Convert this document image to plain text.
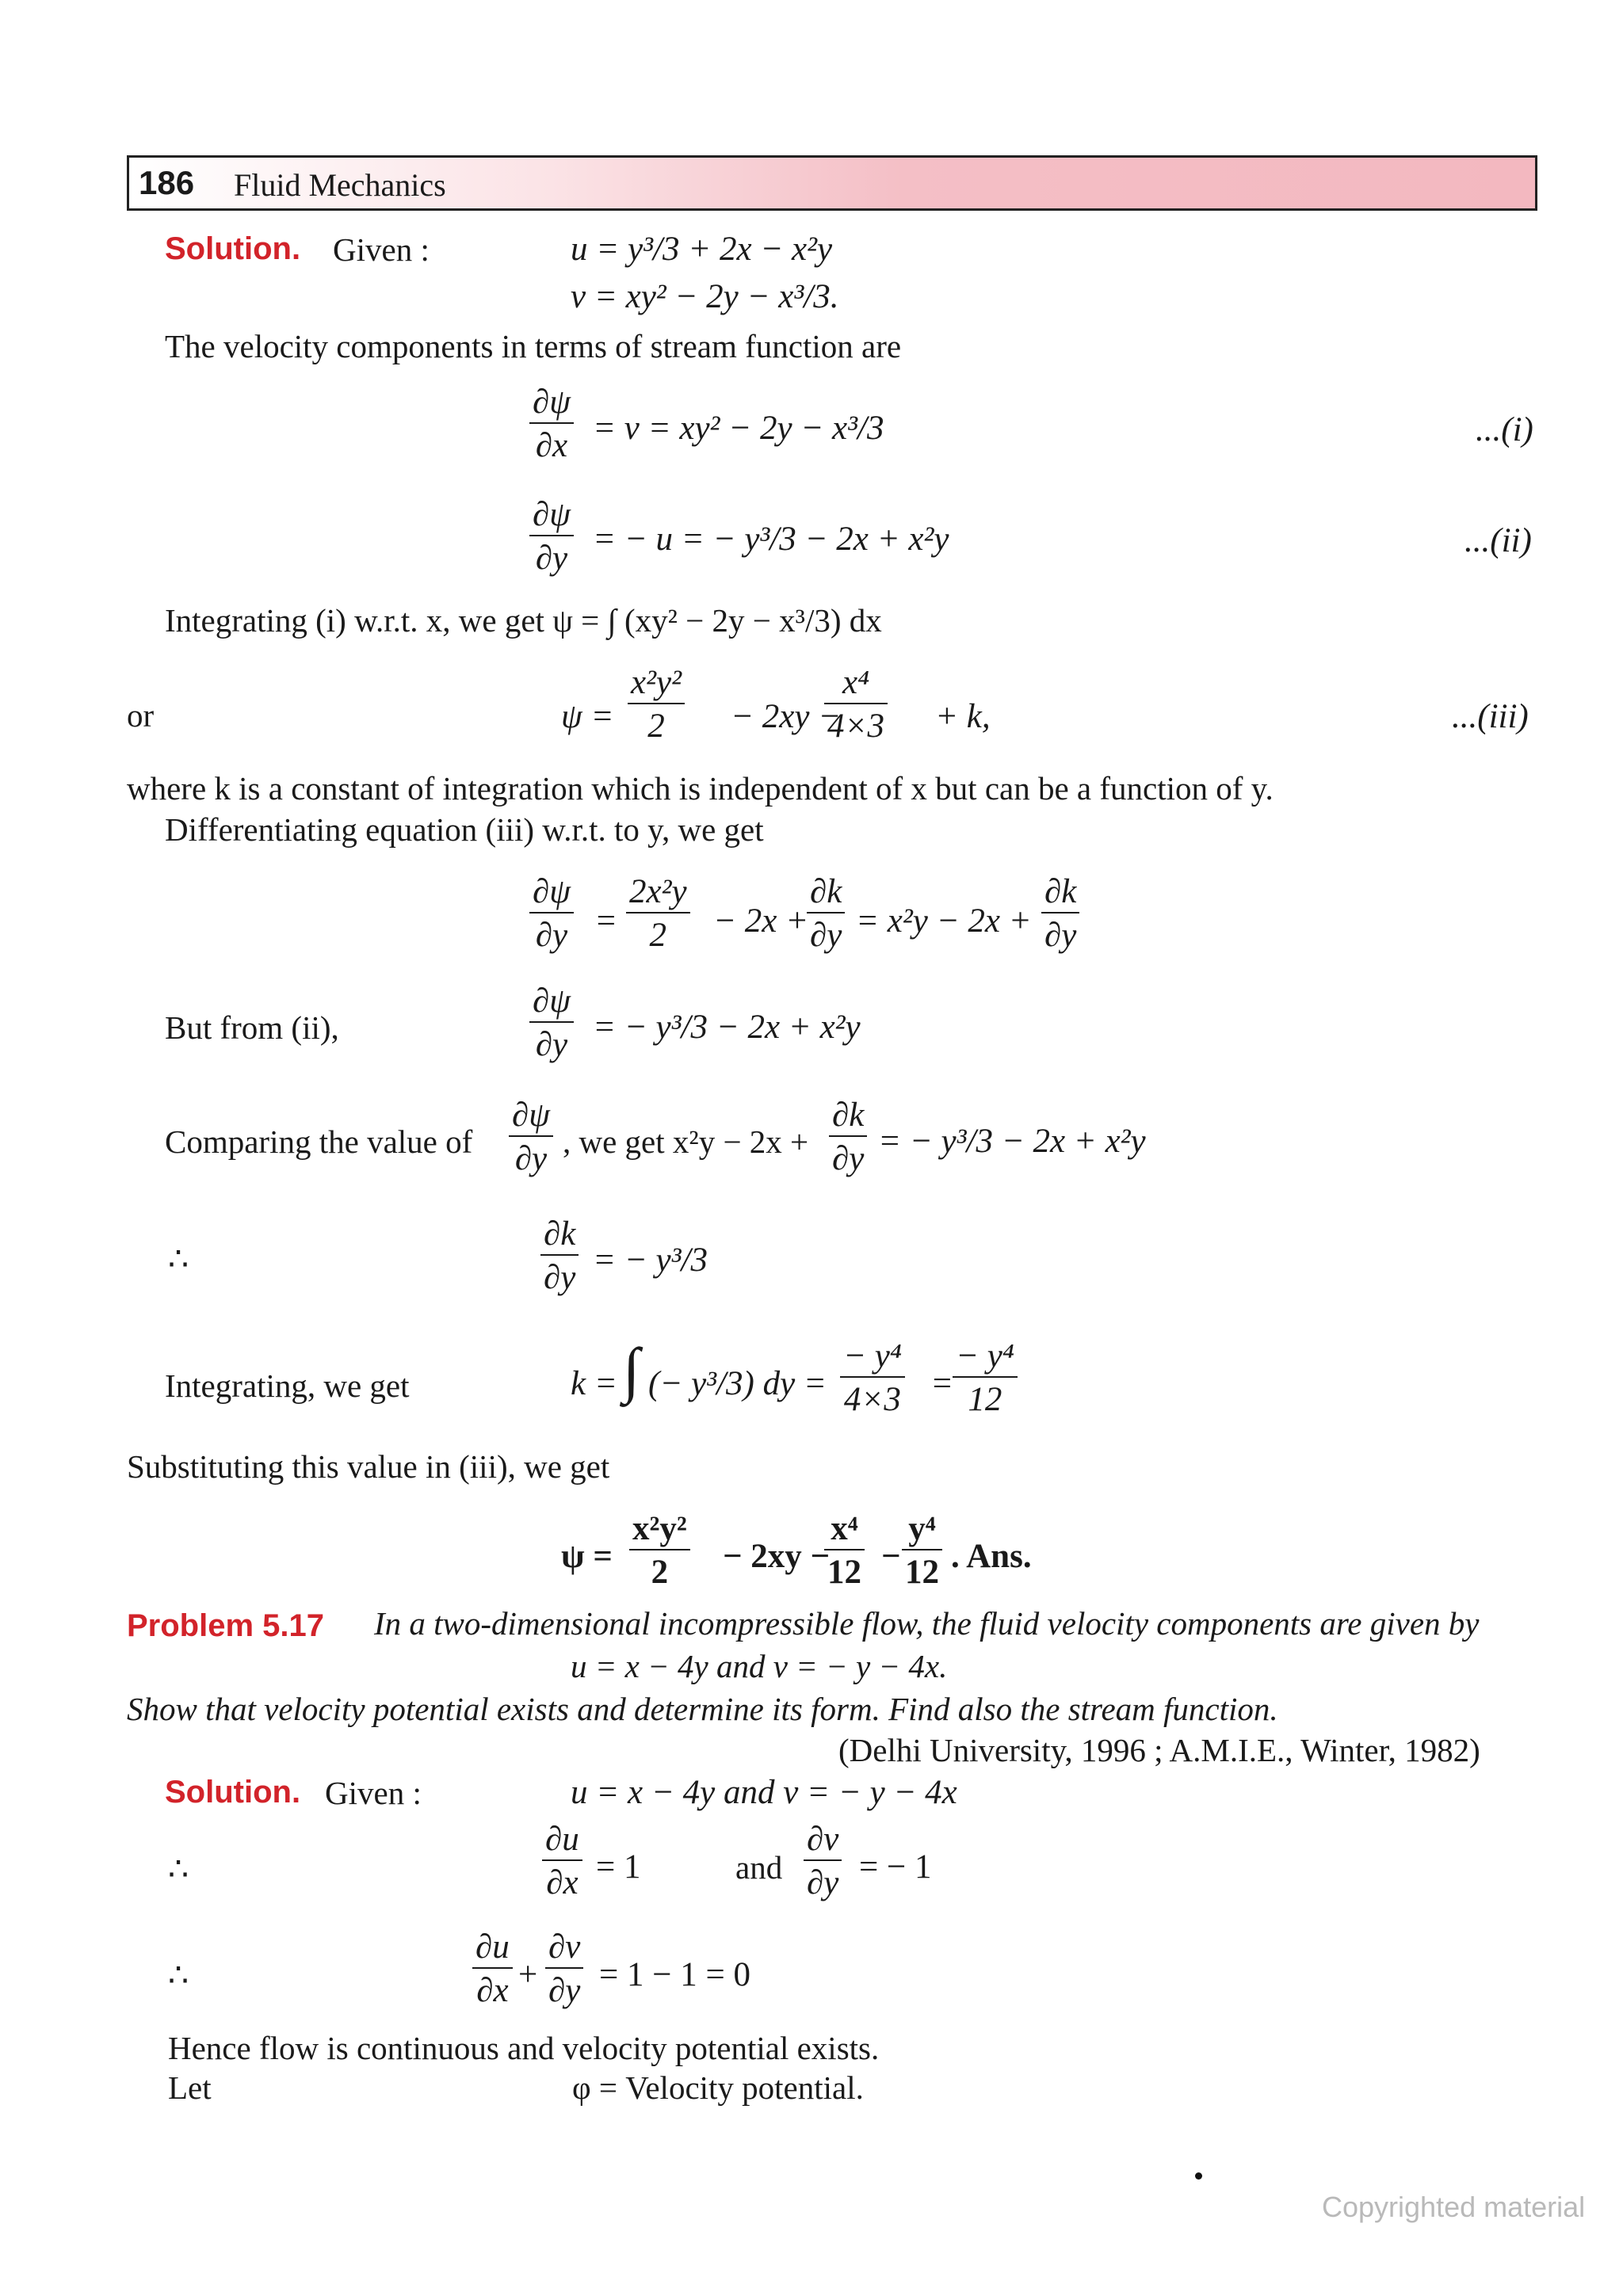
186 Fluid Mechanics
Solution. Given :	u = y³/3 + 2x − x²y
v = xy² − 2y − x³/3.
The velocity components in terms of stream function are
$\frac{\partial\psi}{\partial x} = v = xy^2 - 2y - x^3/3$	...(i)
$\frac{\partial\psi}{\partial y}$ = − u = − y³/3 − 2x + x²y	...(ii)
Integrating (i) w.r.t. x, we get ψ = ∫ (xy² − 2y − x³/3) dx
or	$\psi = \frac{\text{x²y²}}{2} - 2xy$ −
$\frac{\text{x⁴}}{4\times 3} + k$,	...(iii)
where k is a constant of integration which is independent of x but can be a function of y.
Differentiating equation (iii) w.r.t. to y, we get
$\frac{\partial\psi}{\partial y} = \frac{\text{2x²y}}{2} - 2x$ +
$\frac{\partial k}{\partial y} = x^2y - 2x + \frac{\partial k}{\partial y}$
But from (ii),	$\frac{\partial\psi}{\partial y}$ = − y³/3 − 2x + x²y
Comparing the value of $\frac{\partial\psi}{\partial y}$ , we get $x^2y - 2x + \frac{\partial k}{\partial y}$ = − y³/3 − 2x + x²y
∴	$\frac{\partial k}{\partial y}$ = − y³/3
Integrating, we get	k = ∫ (− y³/3) dy = $\frac{\text{− y⁴}}{4\times 3}$ =
$\frac{\text{− y⁴}}{12}$
Substituting this value in (iii), we get
$\psi = \frac{\text{x²y²}}{2} - 2xy$ −
$\frac{\text{x⁴}}{12} - \frac{\text{y⁴}}{12}$ . Ans.
Problem 5.17 In a two-dimensional incompressible flow, the fluid velocity components are given by
u = x − 4y and v = − y − 4x.
Show that velocity potential exists and determine its form. Find also the stream function.
(Delhi University, 1996 ; A.M.I.E., Winter, 1982)
Solution. Given :	u = x − 4y and v = − y − 4x
∴	$\frac{\partial u}{\partial x} = 1$	and $\frac{\partial v}{\partial y}$ = − 1
∴	$\frac{\partial u}{\partial x} + \frac{\partial v}{\partial y} = 1 - 1 = 0$
Hence flow is continuous and velocity potential exists.
Let	φ = Velocity potential.
Copyrighted material
